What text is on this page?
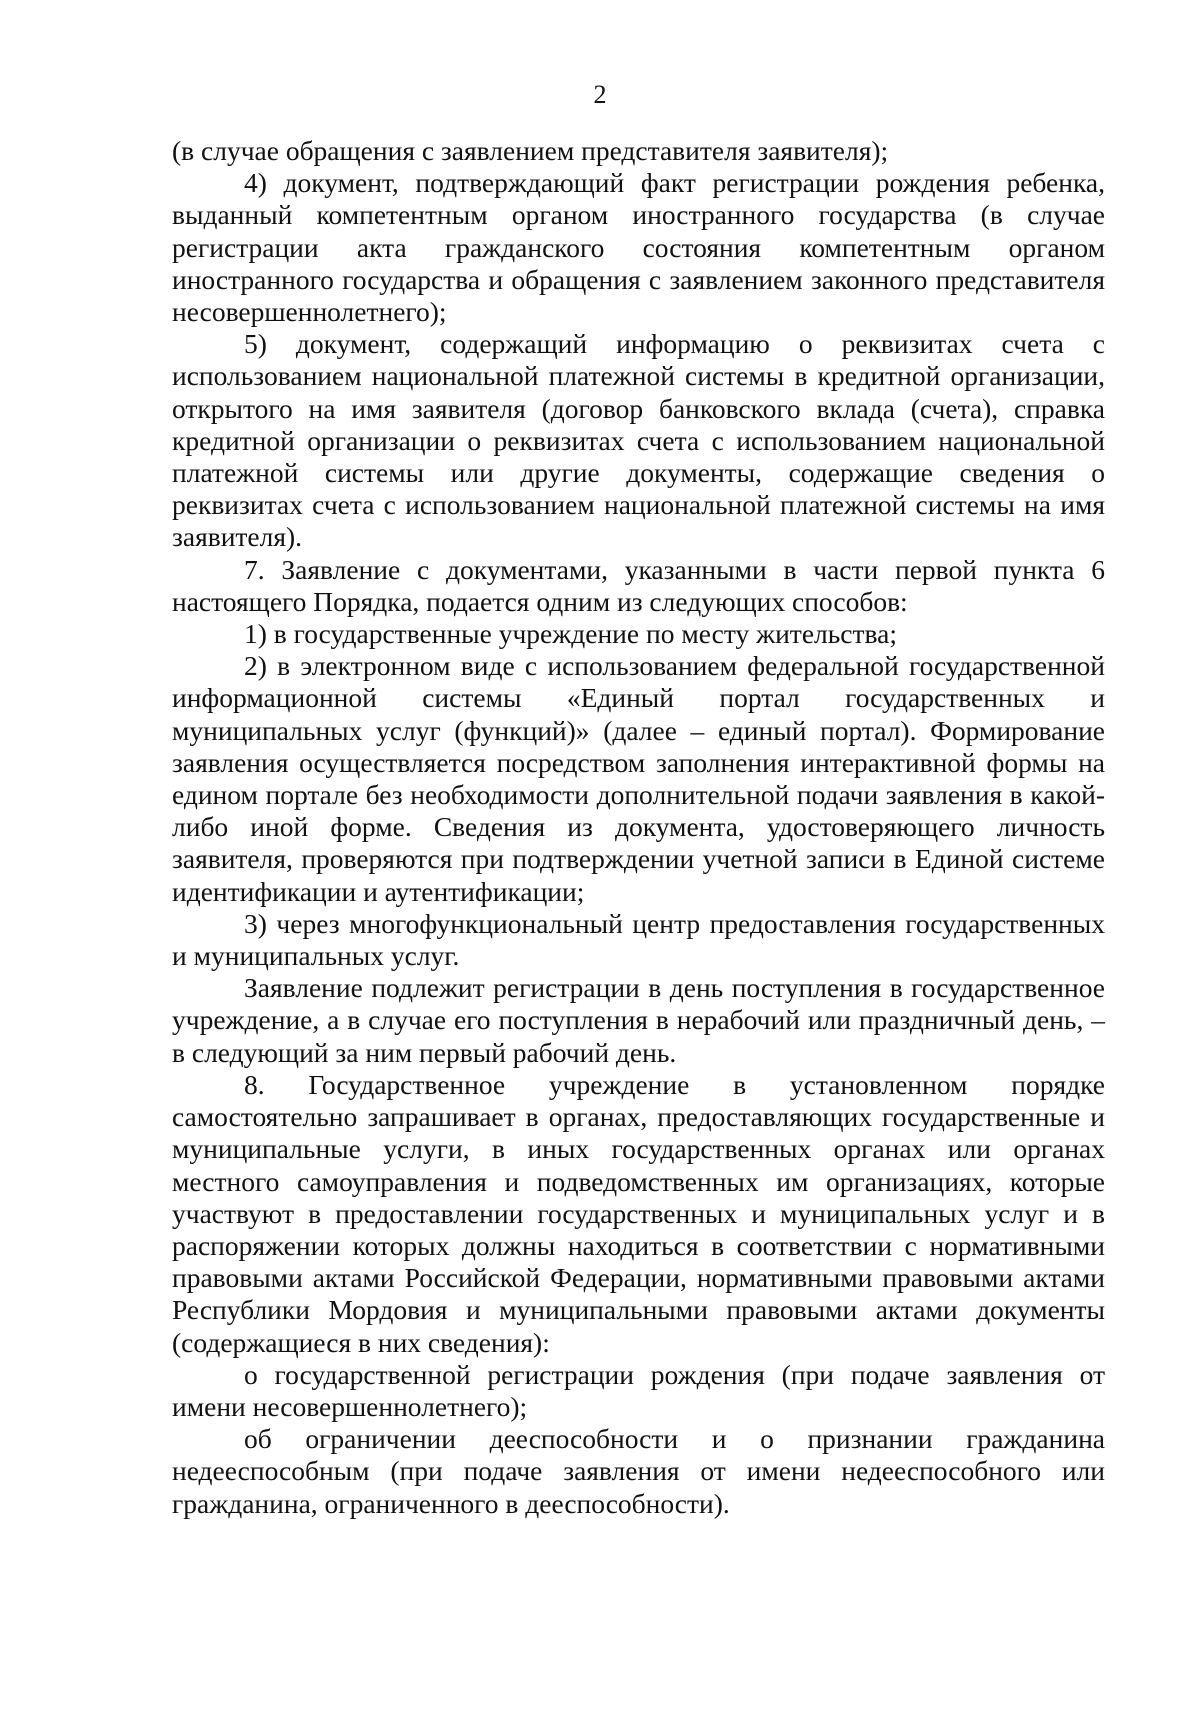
2

(в случае обращения с заявлением представителя заявителя);

4) документ, подтверждающий факт регистрации рождения ребенка, выданный компетентным органом иностранного государства (в случае регистрации акта гражданского состояния компетентным органом иностранного государства и обращения с заявлением законного представителя несовершеннолетнего);

5) документ, содержащий информацию о реквизитах счета с использованием национальной платежной системы в кредитной организации, открытого на имя заявителя (договор банковского вклада (счета), справка кредитной организации о реквизитах счета с использованием национальной платежной системы или другие документы, содержащие сведения о реквизитах счета с использованием национальной платежной системы на имя заявителя).

7. Заявление с документами, указанными в части первой пункта 6 настоящего Порядка, подается одним из следующих способов:

1) в государственные учреждение по месту жительства;

2) в электронном виде с использованием федеральной государственной информационной системы «Единый портал государственных и муниципальных услуг (функций)» (далее – единый портал). Формирование заявления осуществляется посредством заполнения интерактивной формы на едином портале без необходимости дополнительной подачи заявления в какой-либо иной форме. Сведения из документа, удостоверяющего личность заявителя, проверяются при подтверждении учетной записи в Единой системе идентификации и аутентификации;

3) через многофункциональный центр предоставления государственных и муниципальных услуг.

Заявление подлежит регистрации в день поступления в государственное учреждение, а в случае его поступления в нерабочий или праздничный день, – в следующий за ним первый рабочий день.

8. Государственное учреждение в установленном порядке самостоятельно запрашивает в органах, предоставляющих государственные и муниципальные услуги, в иных государственных органах или органах местного самоуправления и подведомственных им организациях, которые участвуют в предоставлении государственных и муниципальных услуг и в распоряжении которых должны находиться в соответствии с нормативными правовыми актами Российской Федерации, нормативными правовыми актами Республики Мордовия и муниципальными правовыми актами документы (содержащиеся в них сведения):

о государственной регистрации рождения (при подаче заявления от имени несовершеннолетнего);

об ограничении дееспособности и о признании гражданина недееспособным (при подаче заявления от имени недееспособного или гражданина, ограниченного в дееспособности).
